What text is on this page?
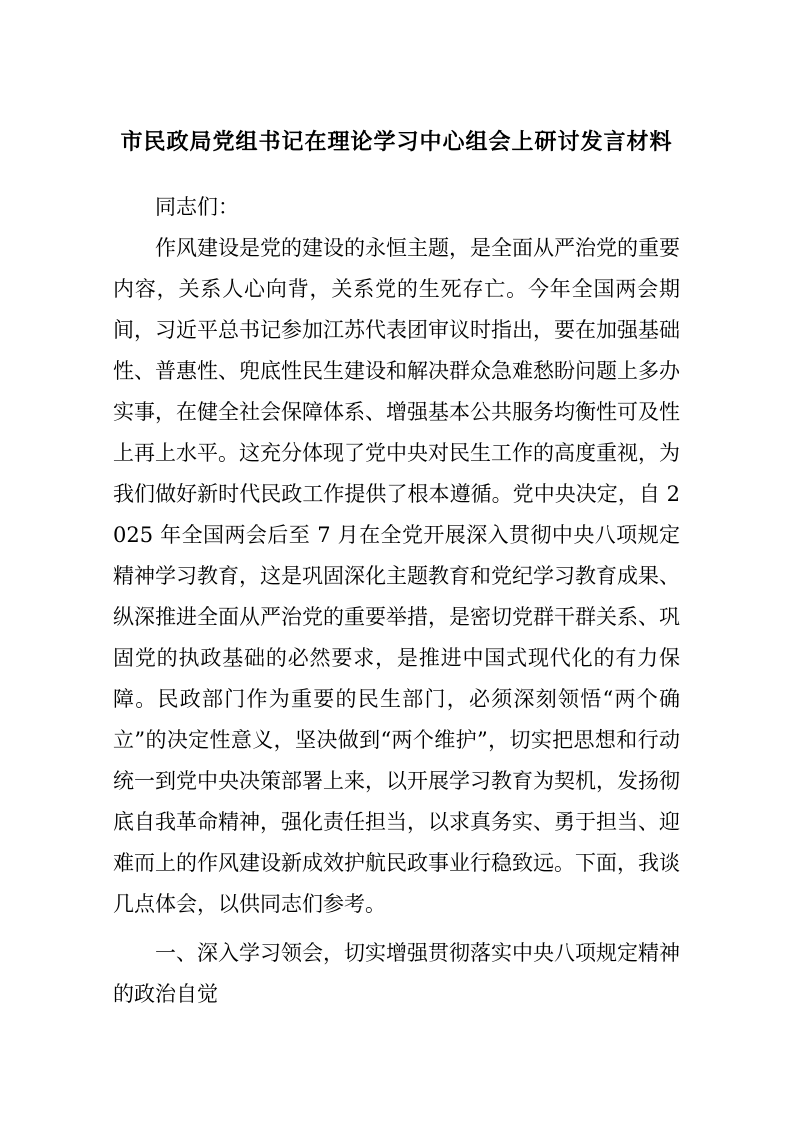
市民政局党组书记在理论学习中心组会上研讨发言材料

同志们：

作风建设是党的建设的永恒主题，是全面从严治党的重要内容，关系人心向背，关系党的生死存亡。今年全国两会期间，习近平总书记参加江苏代表团审议时指出，要在加强基础性、普惠性、兜底性民生建设和解决群众急难愁盼问题上多办实事，在健全社会保障体系、增强基本公共服务均衡性可及性上再上水平。这充分体现了党中央对民生工作的高度重视，为我们做好新时代民政工作提供了根本遵循。党中央决定，自 2025 年全国两会后至 7 月在全党开展深入贯彻中央八项规定精神学习教育，这是巩固深化主题教育和党纪学习教育成果、纵深推进全面从严治党的重要举措，是密切党群干群关系、巩固党的执政基础的必然要求，是推进中国式现代化的有力保障。民政部门作为重要的民生部门，必须深刻领悟“两个确立”的决定性意义，坚决做到“两个维护”，切实把思想和行动统一到党中央决策部署上来，以开展学习教育为契机，发扬彻底自我革命精神，强化责任担当，以求真务实、勇于担当、迎难而上的作风建设新成效护航民政事业行稳致远。下面，我谈几点体会，以供同志们参考。

一、深入学习领会，切实增强贯彻落实中央八项规定精神的政治自觉
